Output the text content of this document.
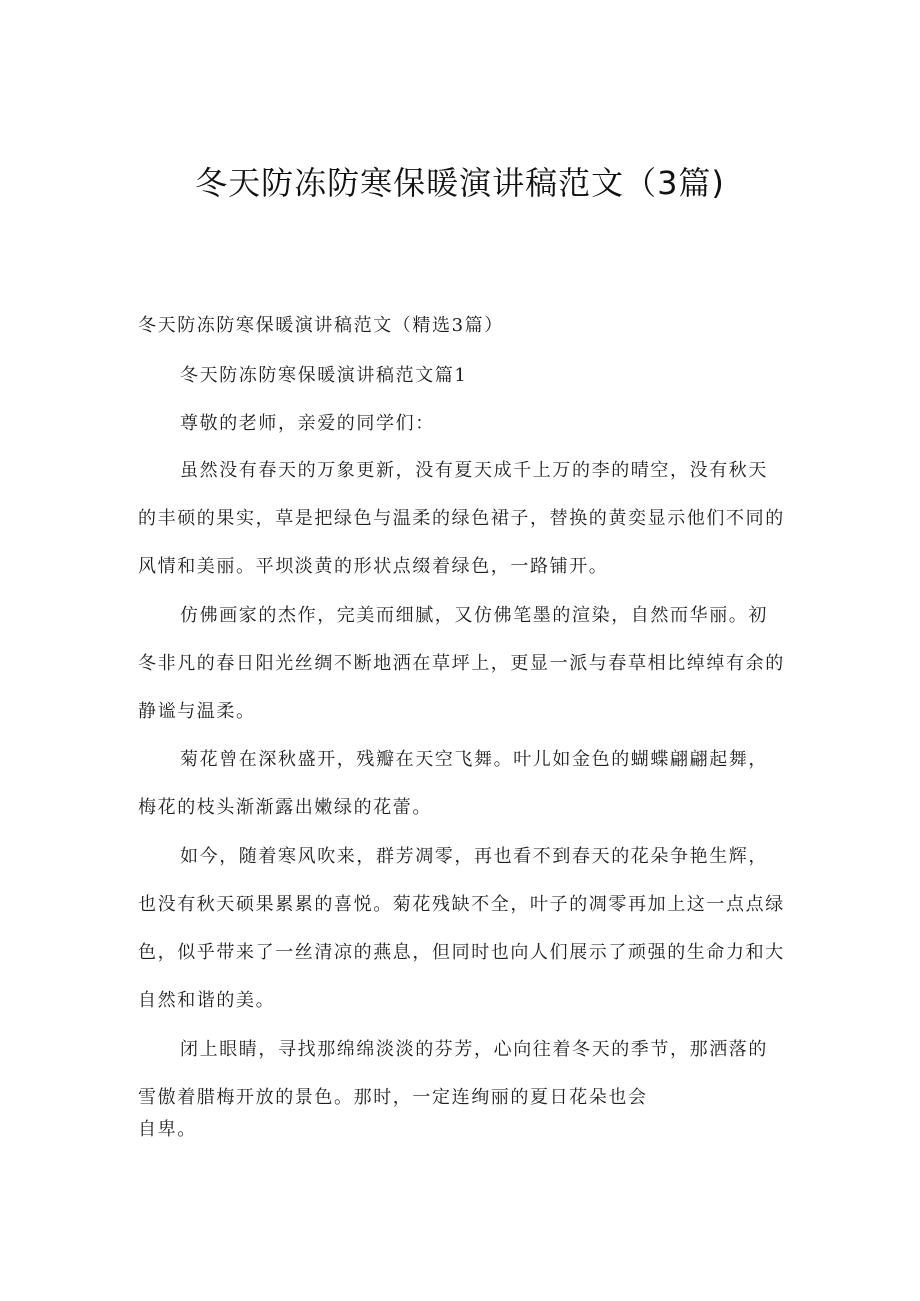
冬天防冻防寒保暖演讲稿范文（3篇)
冬天防冻防寒保暖演讲稿范文（精选3篇）
冬天防冻防寒保暖演讲稿范文篇1
尊敬的老师，亲爱的同学们：
虽然没有春天的万象更新，没有夏天成千上万的李的晴空，没有秋天
的丰硕的果实，草是把绿色与温柔的绿色裙子，替换的黄奕显示他们不同的
风情和美丽。平坝淡黄的形状点缀着绿色，一路铺开。
仿佛画家的杰作，完美而细腻，又仿佛笔墨的渲染，自然而华丽。初
冬非凡的春日阳光丝绸不断地洒在草坪上，更显一派与春草相比绰绰有余的
静谧与温柔。
菊花曾在深秋盛开，残瓣在天空飞舞。叶儿如金色的蝴蝶翩翩起舞，
梅花的枝头渐渐露出嫩绿的花蕾。
如今，随着寒风吹来，群芳凋零，再也看不到春天的花朵争艳生辉，
也没有秋天硕果累累的喜悦。菊花残缺不全，叶子的凋零再加上这一点点绿
色，似乎带来了一丝清凉的燕息，但同时也向人们展示了顽强的生命力和大
自然和谐的美。
闭上眼睛，寻找那绵绵淡淡的芬芳，心向往着冬天的季节，那洒落的
雪傲着腊梅开放的景色。那时，一定连绚丽的夏日花朵也会
自卑。
